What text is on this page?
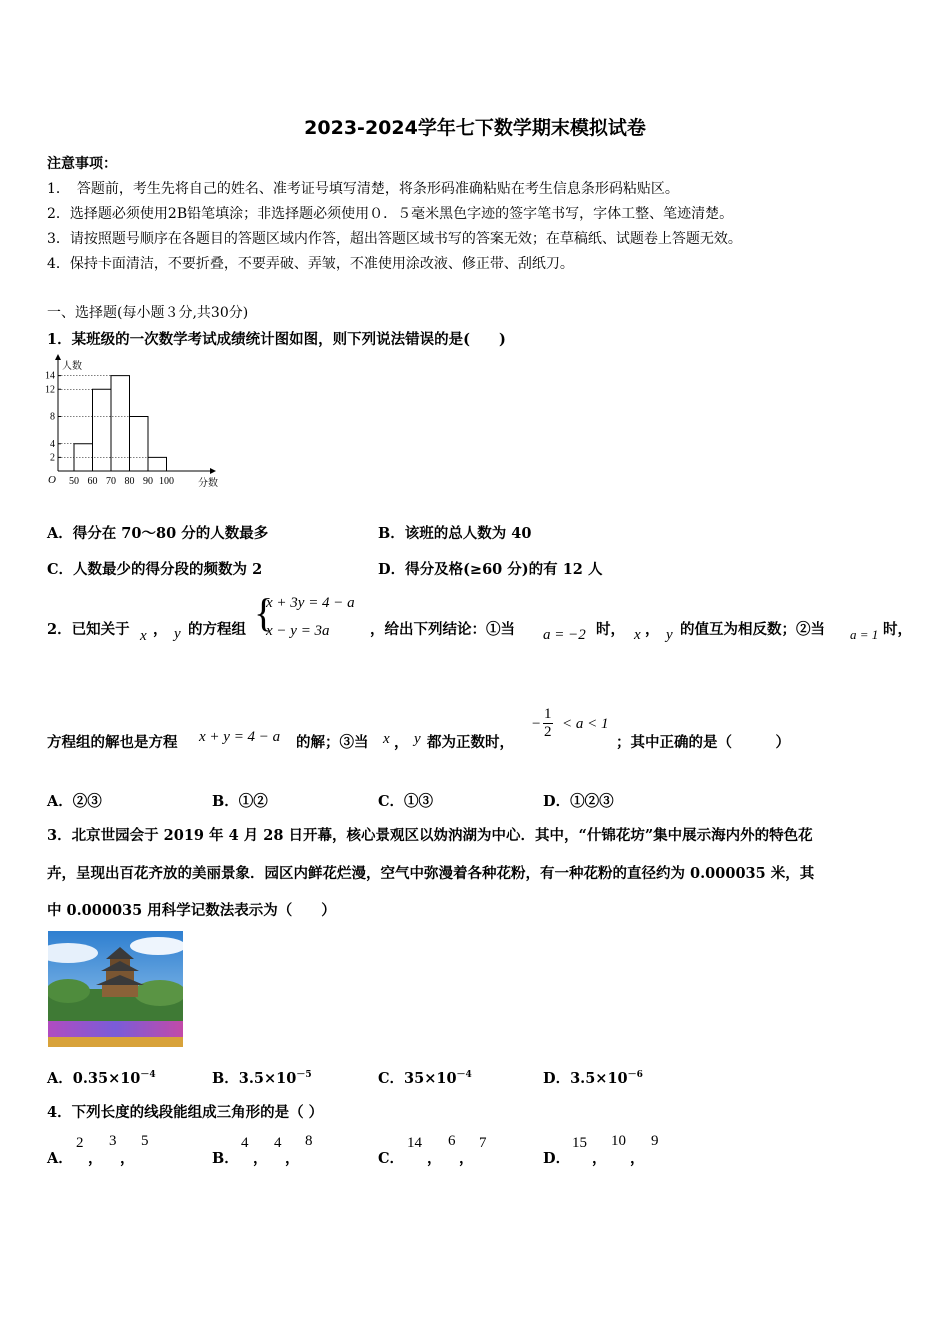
2023-2024学年七下数学期末模拟试卷
注意事项：
1．　答题前，考生先将自己的姓名、准考证号填写清楚，将条形码准确粘贴在考生信息条形码粘贴区。
2．选择题必须使用2B铅笔填涂；非选择题必须使用０．５毫米黑色字迹的签字笔书写，字体工整、笔迹清楚。
3．请按照题号顺序在各题目的答题区域内作答，超出答题区域书写的答案无效；在草稿纸、试题卷上答题无效。
4．保持卡面清洁，不要折叠，不要弄破、弄皱，不准使用涂改液、修正带、刮纸刀。
一、选择题(每小题３分,共30分)
1．某班级的一次数学考试成绩统计图如图，则下列说法错误的是(　　)
人数
2
4
8
12
14
50 60 70 80 90 100 分数
O
A．得分在 70～80 分的人数最多	B．该班的总人数为 40
C．人数最少的得分段的频数为 2	D．得分及格(≥60 分)的有 12 人
2．已知关于 x ， y 的方程组 {
x + 3y = 4 − a
x − y = 3a	，给出下列结论：①当 a = −2 时， x ， y 的值互为相反数；②当 a = 1 时，
方程组的解也是方程 x + y = 4 − a 的解；③当 x ， y 都为正数时，
− $\frac{1}{2} < a < 1$
；其中正确的是（　　　）
A．②③	B．①②	C．①③	D．①②③
3．北京世园会于 2019 年 4 月 28 日开幕，核心景观区以妫汭湖为中心．其中，“什锦花坊”集中展示海内外的特色花
卉，呈现出百花齐放的美丽景象．园区内鲜花烂漫，空气中弥漫着各种花粉，有一种花粉的直径约为 0.000035 米，其
中 0.000035 用科学记数法表示为（　　）
A．$0.35\times 10^{-4}$	B．$3.5\times 10^{-5}$	C．$35\times 10^{-4}$	D．$3.5\times 10^{-6}$
4．下列长度的线段能组成三角形的是（ ）
A．
2
，
3
，
5
B．
4
，
4
，
8
C．
14
，
6
，
7
D．
15
，
10
，
9
